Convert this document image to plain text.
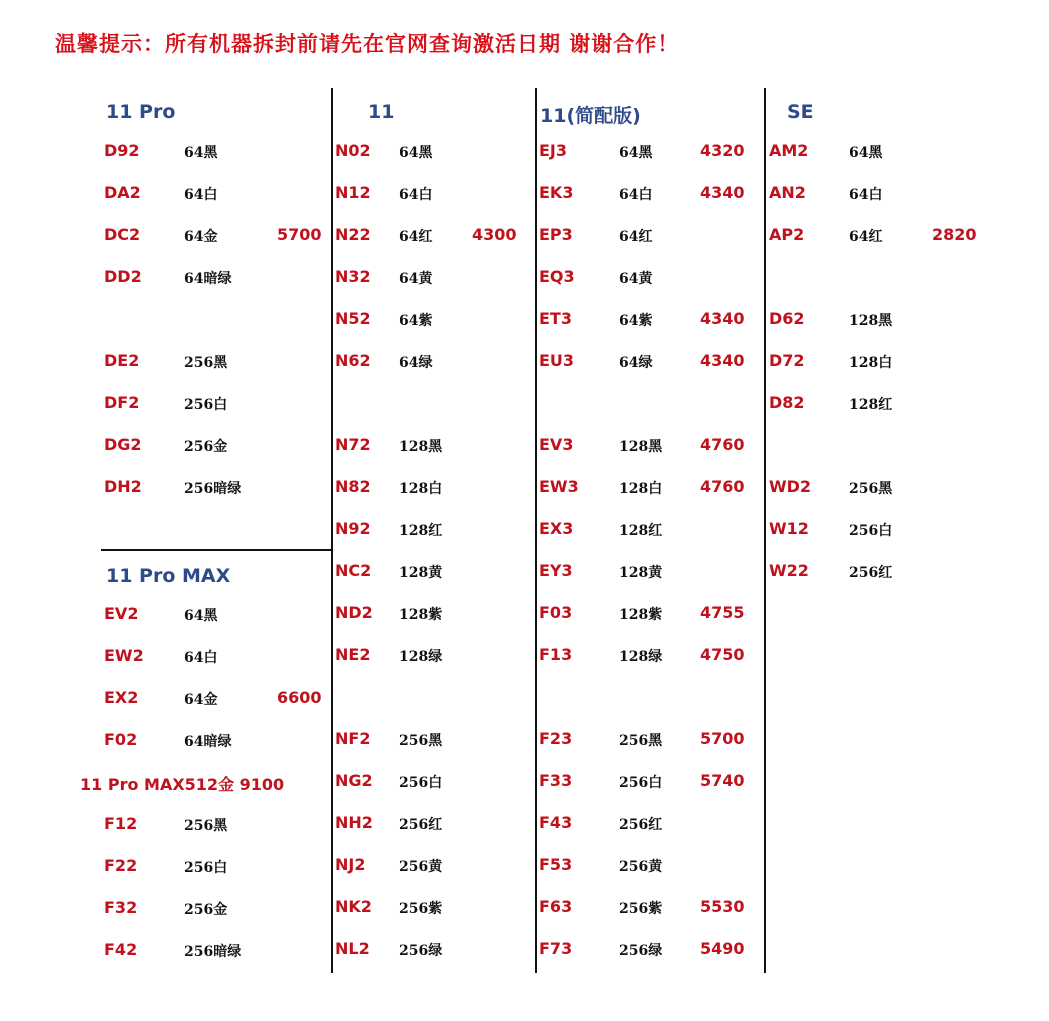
温馨提示：所有机器拆封前请先在官网查询激活日期 谢谢合作！
11 Pro
11 Pro MAX
11	11(简配版)	SE
D92	64黑
DA2	64白
DC2	64金	5700
DD2	64暗绿
DE2	256黑
DF2	256白
DG2	256金
DH2	256暗绿
EV2	64黑
EW2	64白
EX2	64金	6600
F02	64暗绿
F12	256黑
F22	256白
F32	256金
F42	256暗绿
N02 64黑
N12 64白
N22 64红 4300
N32 64黄
N52 64紫
N62 64绿
N72 128黑
N82 128白
N92 128红
NC2 128黄
ND2 128紫
NE2 128绿
NF2 256黑
NG2 256白
NH2 256红
NJ2 256黄
NK2 256紫
NL2 256绿
EJ3	64黑	4320
EK3	64白	4340
EP3	64红
EQ3	64黄
ET3	64紫	4340
EU3	64绿	4340
EV3	128黑 4760
EW3	128白 4760
EX3	128红
EY3	128黄
F03	128紫 4755
F13	128绿 4750
F23	256黑 5700
F33	256白 5740
F43	256红
F53	256黄
F63	256紫 5530
F73	256绿 5490
AM2	64黑
AN2	64白
AP2	64红	2820
D62	128黑
D72	128白
D82	128红
WD2	256黑
W12	256白
W22	256红
11 Pro MAX512金 9100
